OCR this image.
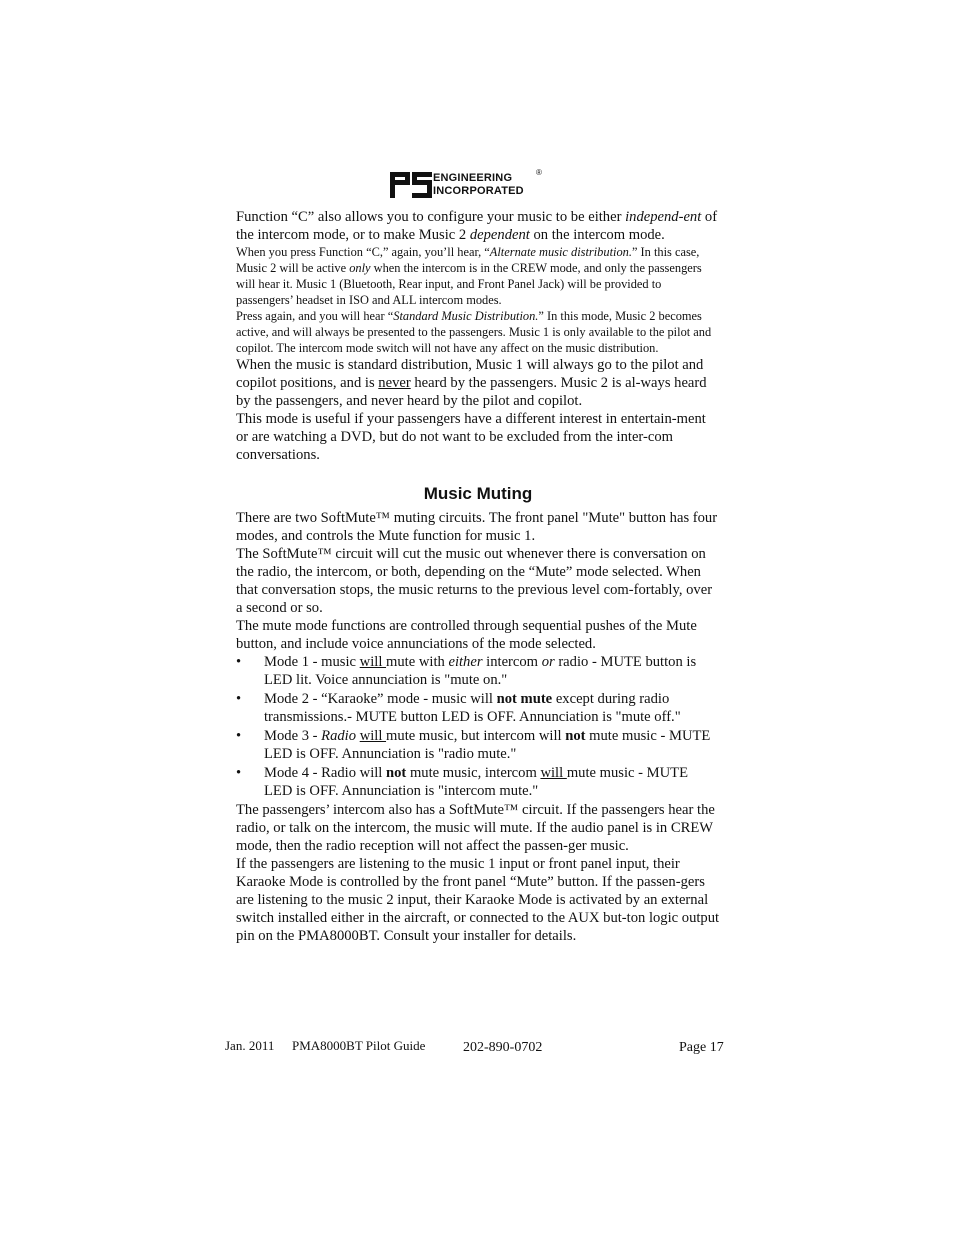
ENGINEERING
INCORPORATED
®

Function “C” also allows you to configure your music to be either independ-ent of the intercom mode, or to make Music 2 dependent on the intercom mode.

When you press Function “C,” again, you’ll hear, “Alternate music distribution.” In this case, Music 2 will be active only when the intercom is in the CREW mode, and only the passengers will hear it. Music 1 (Bluetooth, Rear input, and Front Panel Jack) will be provided to passengers’ headset in ISO and ALL intercom modes.

Press again, and you will hear “Standard Music Distribution.” In this mode, Music 2 becomes active, and will always be presented to the passengers. Music 1 is only available to the pilot and copilot. The intercom mode switch will not have any affect on the music distribution.

When the music is standard distribution, Music 1 will always go to the pilot and copilot positions, and is never heard by the passengers. Music 2 is al-ways heard by the passengers, and never heard by the pilot and copilot.

This mode is useful if your passengers have a different interest in entertain-ment or are watching a DVD, but do not want to be excluded from the inter-com conversations.

Music Muting

There are two SoftMute™ muting circuits. The front panel "Mute" button has four modes, and controls the Mute function for music 1.

The SoftMute™ circuit will cut the music out whenever there is conversation on the radio, the intercom, or both, depending on the “Mute” mode selected. When that conversation stops, the music returns to the previous level com-fortably, over a second or so.

The mute mode functions are controlled through sequential pushes of the Mute button, and include voice annunciations of the mode selected.

• Mode 1 - music will mute with either intercom or radio - MUTE button is LED lit. Voice annunciation is "mute on."
• Mode 2 - “Karaoke” mode - music will not mute except during radio transmissions.- MUTE button LED is OFF. Annunciation is "mute off."
• Mode 3 - Radio will mute music, but intercom will not mute music - MUTE LED is OFF. Annunciation is "radio mute."
• Mode 4 - Radio will not mute music, intercom will mute music - MUTE LED is OFF. Annunciation is "intercom mute."

The passengers’ intercom also has a SoftMute™ circuit. If the passengers hear the radio, or talk on the intercom, the music will mute. If the audio panel is in CREW mode, then the radio reception will not affect the passen-ger music.

If the passengers are listening to the music 1 input or front panel input, their Karaoke Mode is controlled by the front panel “Mute” button. If the passen-gers are listening to the music 2 input, their Karaoke Mode is activated by an external switch installed either in the aircraft, or connected to the AUX but-ton logic output pin on the PMA8000BT. Consult your installer for details.

Jan. 2011 PMA8000BT Pilot Guide	202-890-0702	Page 17
